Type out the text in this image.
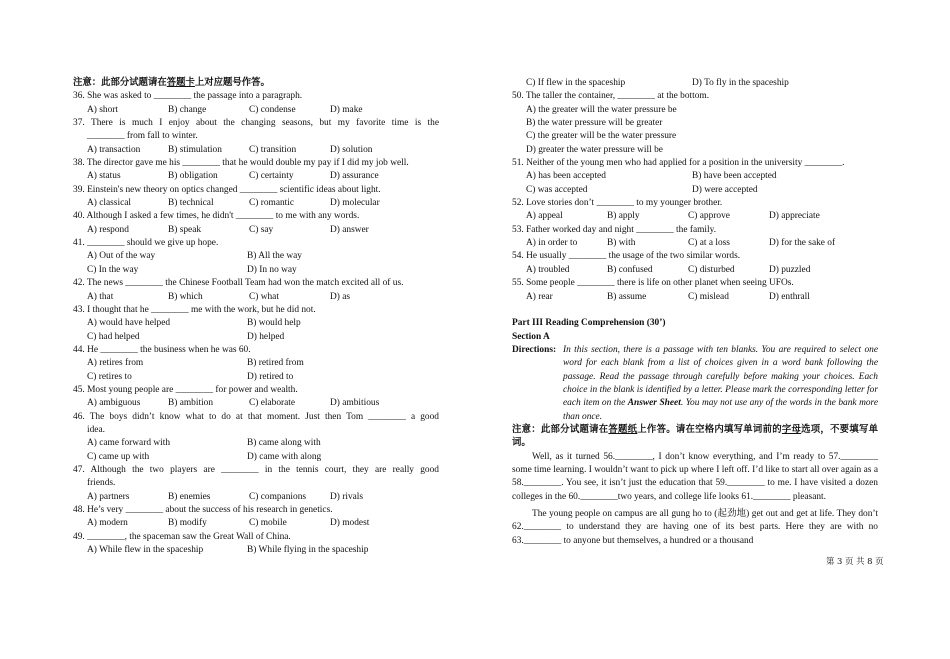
注意：此部分试题请在答题卡上对应题号作答。
36. She was asked to ________ the passage into a paragraph.
A) short	B) change	C) condense	D) make
37. There is much I enjoy about the changing seasons, but my favorite time is the
________ from fall to winter.
A) transaction	B) stimulation	C) transition	D) solution
38. The director gave me his ________ that he would double my pay if I did my job well.
A) status	B) obligation	C) certainty	D) assurance
39. Einstein's new theory on optics changed ________ scientific ideas about light.
A) classical	B) technical	C) romantic	D) molecular
40. Although I asked a few times, he didn't ________ to me with any words.
A) respond	B) speak	C) say	D) answer
41. ________ should we give up hope.
A) Out of the way	B) All the way
C) In the way	D) In no way
42. The news ________ the Chinese Football Team had won the match excited all of us.
A) that	B) which	C) what	D) as
43. I thought that he ________ me with the work, but he did not.
A) would have helped	B) would help
C) had helped	D) helped
44. He ________ the business when he was 60.
A) retires from	B) retired from
C) retires to	D) retired to
45. Most young people are ________ for power and wealth.
A) ambiguous	B) ambition	C) elaborate	D) ambitious
46. The boys didn’t know what to do at that moment. Just then Tom ________ a good
idea.
A) came forward with	B) came along with
C) came up with	D) came with along
47. Although the two players are ________ in the tennis court, they are really good
friends.
A) partners	B) enemies	C) companions	D) rivals
48. He’s very ________ about the success of his research in genetics.
A) modern	B) modify	C) mobile	D) modest
49. ________, the spaceman saw the Great Wall of China.
A) While flew in the spaceship	B) While flying in the spaceship
C) If flew in the spaceship	D) To fly in the spaceship
50. The taller the container, ________ at the bottom.
A) the greater will the water pressure be
B) the water pressure will be greater
C) the greater will be the water pressure
D) greater the water pressure will be
51. Neither of the young men who had applied for a position in the university ________.
A) has been accepted	B) have been accepted
C) was accepted	D) were accepted
52. Love stories don’t ________ to my younger brother.
A) appeal	B) apply	C) approve	D) appreciate
53. Father worked day and night ________ the family.
A) in order to	B) with	C) at a loss	D) for the sake of
54. He usually ________ the usage of the two similar words.
A) troubled	B) confused	C) disturbed	D) puzzled
55. Some people ________ there is life on other planet when seeing UFOs.
A) rear	B) assume	C) mislead	D) enthrall
Part III Reading Comprehension (30’)
Section A
Directions: In this section, there is a passage with ten blanks. You are required to select one word for each blank from a list of choices given in a word bank following the passage. Read the passage through carefully before making your choices. Each choice in the blank is identified by a letter. Please mark the corresponding letter for each item on the Answer Sheet. You may not use any of the words in the bank more than once.
注意：此部分试题请在答题纸上作答。请在空格内填写单词前的字母选项，不要填写单词。
Well, as it turned 56.________, I don’t know everything, and I’m ready to 57.________ some time learning. I wouldn’t want to pick up where I left off. I’d like to start all over again as a 58.________. You see, it isn’t just the education that 59.________ to me. I have visited a dozen colleges in the 60.________two years, and college life looks 61.________ pleasant.
The young people on campus are all gung ho to (起劲地) get out and get at life. They don’t 62.________ to understand they are having one of its best parts. Here they are with no 63.________ to anyone but themselves, a hundred or a thousand
第 3 页 共 8 页
